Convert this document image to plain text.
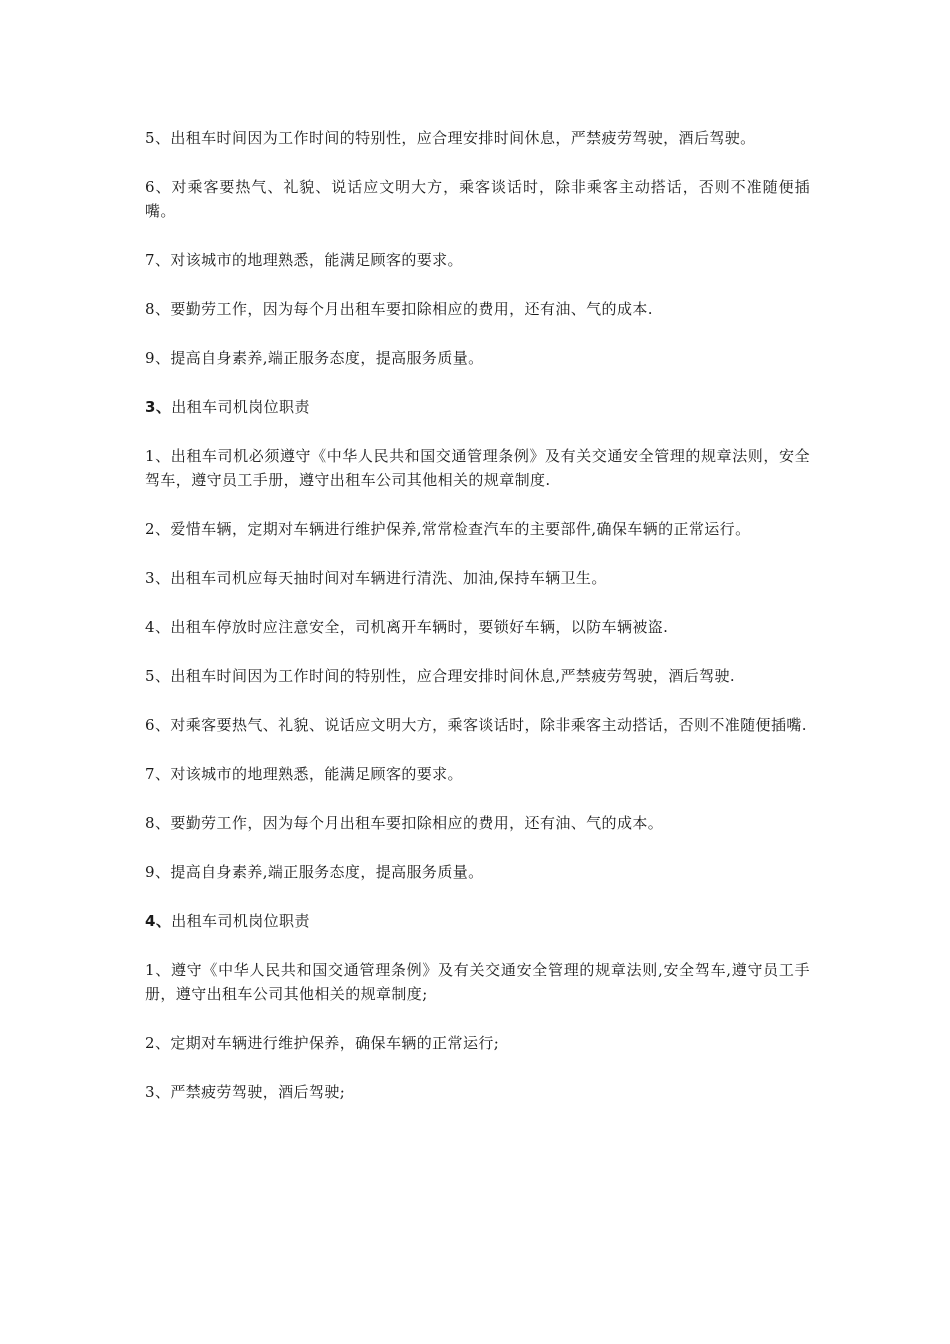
5、出租车时间因为工作时间的特别性，应合理安排时间休息，严禁疲劳驾驶，酒后驾驶。

6、对乘客要热气、礼貌、说话应文明大方，乘客谈话时，除非乘客主动搭话，否则不准随便插嘴。

7、对该城市的地理熟悉，能满足顾客的要求。

8、要勤劳工作，因为每个月出租车要扣除相应的费用，还有油、气的成本.

9、提高自身素养,端正服务态度，提高服务质量。

3、出租车司机岗位职责

1、出租车司机必须遵守《中华人民共和国交通管理条例》及有关交通安全管理的规章法则，安全驾车，遵守员工手册，遵守出租车公司其他相关的规章制度.

2、爱惜车辆，定期对车辆进行维护保养,常常检查汽车的主要部件,确保车辆的正常运行。

3、出租车司机应每天抽时间对车辆进行清洗、加油,保持车辆卫生。

4、出租车停放时应注意安全，司机离开车辆时，要锁好车辆，以防车辆被盗.

5、出租车时间因为工作时间的特别性，应合理安排时间休息,严禁疲劳驾驶，酒后驾驶.

6、对乘客要热气、礼貌、说话应文明大方，乘客谈话时，除非乘客主动搭话，否则不准随便插嘴.

7、对该城市的地理熟悉，能满足顾客的要求。

8、要勤劳工作，因为每个月出租车要扣除相应的费用，还有油、气的成本。

9、提高自身素养,端正服务态度，提高服务质量。

4、出租车司机岗位职责

1、遵守《中华人民共和国交通管理条例》及有关交通安全管理的规章法则,安全驾车,遵守员工手册，遵守出租车公司其他相关的规章制度;

2、定期对车辆进行维护保养，确保车辆的正常运行;

3、严禁疲劳驾驶，酒后驾驶;
